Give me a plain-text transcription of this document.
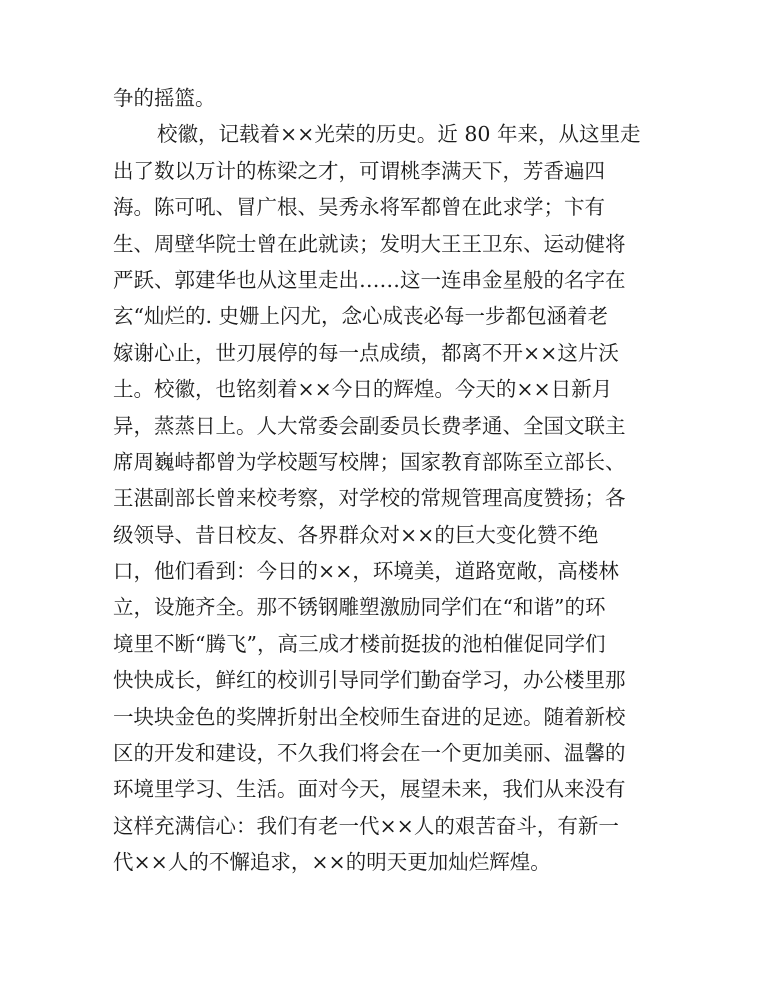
争的摇篮。
校徽，记载着××光荣的历史。近 80 年来，从这里走
出了数以万计的栋梁之才，可谓桃李满天下，芳香遍四
海。陈可吼、冒广根、吴秀永将军都曾在此求学；卞有
生、周壁华院士曾在此就读；发明大王王卫东、运动健将
严跃、郭建华也从这里走出……这一连串金星般的名字在
玄“灿烂的. 史姗上闪尤，念心成丧必每一步都包涵着老
嫁谢心止，世刃展停的每一点成绩，都离不开××这片沃
土。校徽，也铭刻着××今日的辉煌。今天的××日新月
异，蒸蒸日上。人大常委会副委员长费孝通、全国文联主
席周巍峙都曾为学校题写校牌；国家教育部陈至立部长、
王湛副部长曾来校考察，对学校的常规管理高度赞扬；各
级领导、昔日校友、各界群众对××的巨大变化赞不绝
口，他们看到：今日的××，环境美，道路宽敞，高楼林
立，设施齐全。那不锈钢雕塑激励同学们在“和谐”的环
境里不断“腾飞”，高三成才楼前挺拔的池柏催促同学们
快快成长，鲜红的校训引导同学们勤奋学习，办公楼里那
一块块金色的奖牌折射出全校师生奋进的足迹。随着新校
区的开发和建设，不久我们将会在一个更加美丽、温馨的
环境里学习、生活。面对今天，展望未来，我们从来没有
这样充满信心：我们有老一代××人的艰苦奋斗，有新一
代××人的不懈追求，××的明天更加灿烂辉煌。
